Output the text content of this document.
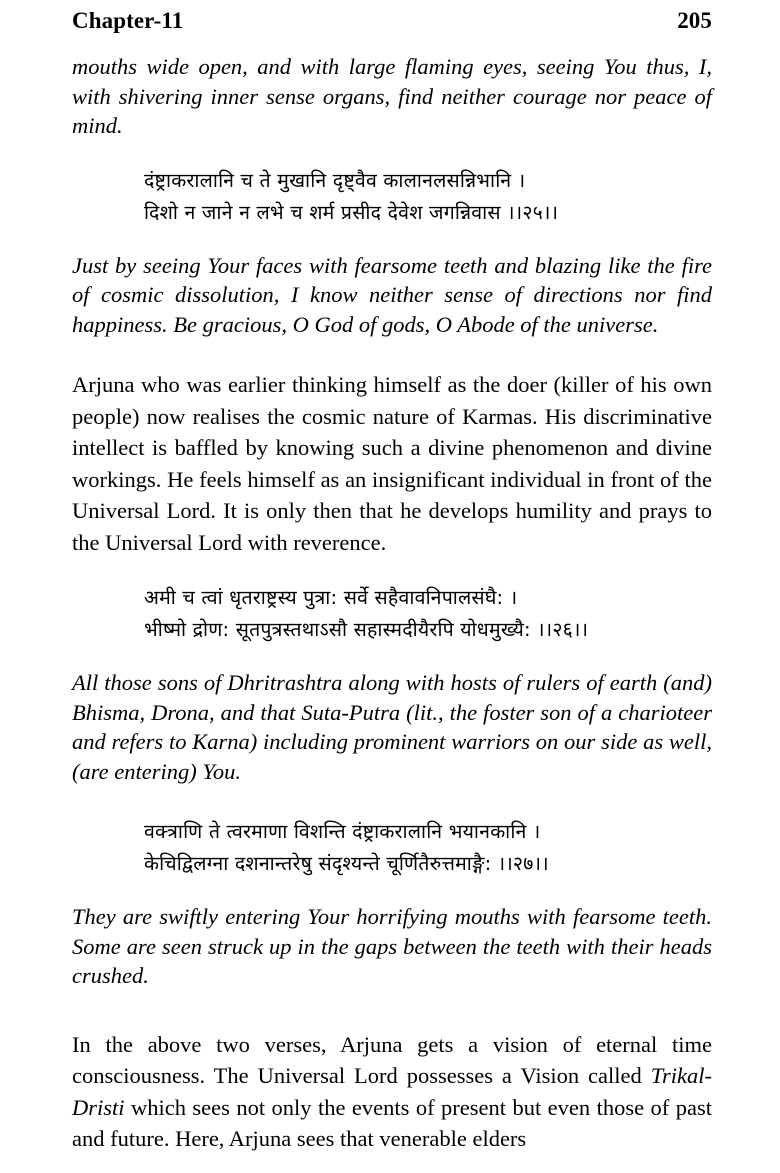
Chapter-11	205

mouths wide open, and with large flaming eyes, seeing You thus, I, with shivering inner sense organs, find neither courage nor peace of mind.

दंष्ट्राकरालानि च ते मुखानि दृष्ट्वैव कालानलसन्निभानि ।
दिशो न जाने न लभे च शर्म प्रसीद देवेश जगन्निवास ।।२५।।

Just by seeing Your faces with fearsome teeth and blazing like the fire of cosmic dissolution, I know neither sense of directions nor find happiness. Be gracious, O God of gods, O Abode of the universe.

Arjuna who was earlier thinking himself as the doer (killer of his own people) now realises the cosmic nature of Karmas. His discriminative intellect is baffled by knowing such a divine phenomenon and divine workings. He feels himself as an insignificant individual in front of the Universal Lord. It is only then that he develops humility and prays to the Universal Lord with reverence.

अमी च त्वां धृतराष्ट्रस्य पुत्रा: सर्वे सहैवावनिपालसंघै: ।
भीष्मो द्रोण: सूतपुत्रस्तथाऽसौ सहास्मदीयैरपि योधमुख्यै: ।।२६।।

All those sons of Dhritrashtra along with hosts of rulers of earth (and) Bhisma, Drona, and that Suta-Putra (lit., the foster son of a charioteer and refers to Karna) including prominent warriors on our side as well, (are entering) You.

वक्त्राणि ते त्वरमाणा विशन्ति दंष्ट्राकरालानि भयानकानि ।
केचिद्विलग्ना दशनान्तरेषु संदृश्यन्ते चूर्णितैरुत्तमाङ्गै: ।।२७।।

They are swiftly entering Your horrifying mouths with fearsome teeth. Some are seen struck up in the gaps between the teeth with their heads crushed.

In the above two verses, Arjuna gets a vision of eternal time consciousness. The Universal Lord possesses a Vision called Trikal- Dristi which sees not only the events of present but even those of past and future. Here, Arjuna sees that venerable elders
